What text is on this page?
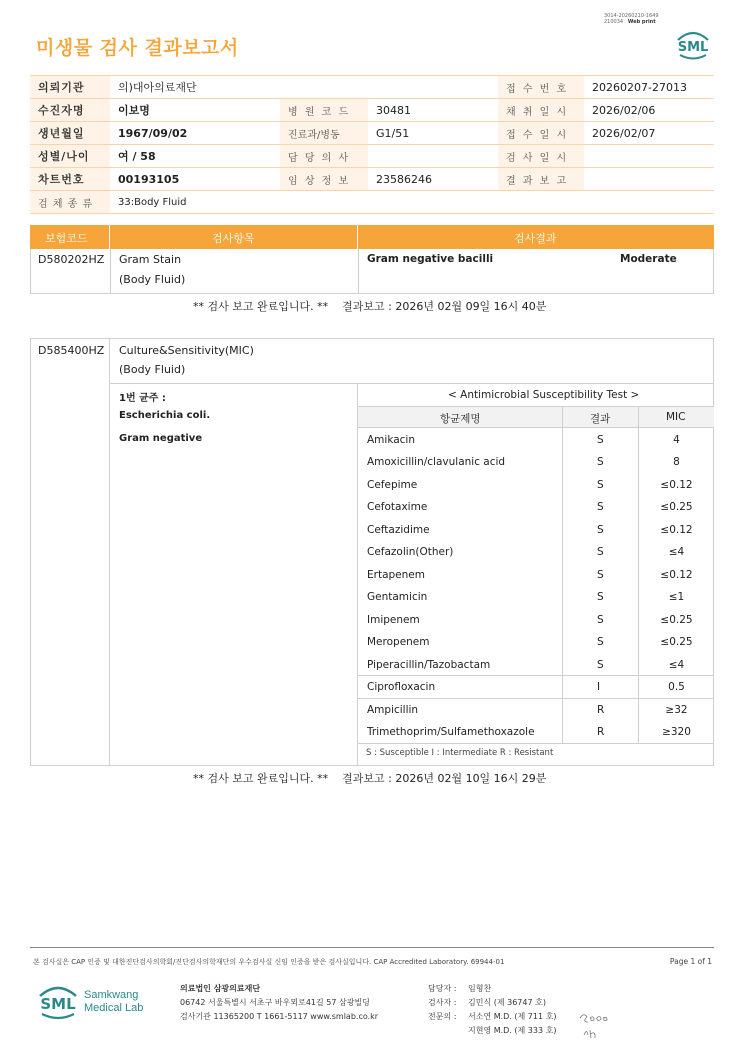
3014-20260210-1649
210034 Web print
미생물 검사 결과보고서	SML
의뢰기관	의)대아의료재단			접 수 번 호	20260207-27013
수진자명	이보명	병 원 코 드	30481	채 취 일 시	2026/02/06
생년월일	1967/09/02	진료과/병동	G1/51	접 수 일 시	2026/02/07
성별/나이	여 / 58	담 당 의 사		검 사 일 시	
차트번호	00193105	임 상 정 보	23586246	결 과 보 고	
검 체 종 류	33:Body Fluid				
보험코드	검사항목	검사결과
D580202HZ Gram Stain
(Body Fluid)
Gram negative bacilli	Moderate
** 검사 보고 완료입니다. ** 결과보고 : 2026년 02월 09일 16시 40분
D585400HZ Culture&Sensitivity(MIC)
(Body Fluid)
1번 균주 :
Escherichia coli.
Gram negative
< Antimicrobial Susceptibility Test >
항균제명	결과	MIC
Amikacin	S	4
Amoxicillin/clavulanic acid	S	8
Cefepime	S	≤0.12
Cefotaxime	S	≤0.25
Ceftazidime	S	≤0.12
Cefazolin(Other)	S	≤4
Ertapenem	S	≤0.12
Gentamicin	S	≤1
Imipenem	S	≤0.25
Meropenem	S	≤0.25
Piperacillin/Tazobactam	S	≤4
Ciprofloxacin	I	0.5
Ampicillin	R	≥32
Trimethoprim/Sulfamethoxazole	R	≥320
S : Susceptible I : Intermediate R : Resistant
** 검사 보고 완료입니다. ** 결과보고 : 2026년 02월 10일 16시 29분
본 검사실은 CAP 인증 및 대한진단검사의학회/진단검사의학재단의 우수검사실 신임 인증을 받은 검사실입니다. CAP Accredited Laboratory. 69944-01	Page 1 of 1
SML Samkwang
Medical Lab
의료법인 삼광의료재단
06742 서울특별시 서초구 바우뫼로41길 57 삼광빌딩
검사기관 11365200 T 1661-5117 www.smlab.co.kr
담당자 : 임형찬
검사자 : 김민식 (제 36747 호)
전문의 : 서소연 M.D. (제 711 호)
지현영 M.D. (제 333 호)
